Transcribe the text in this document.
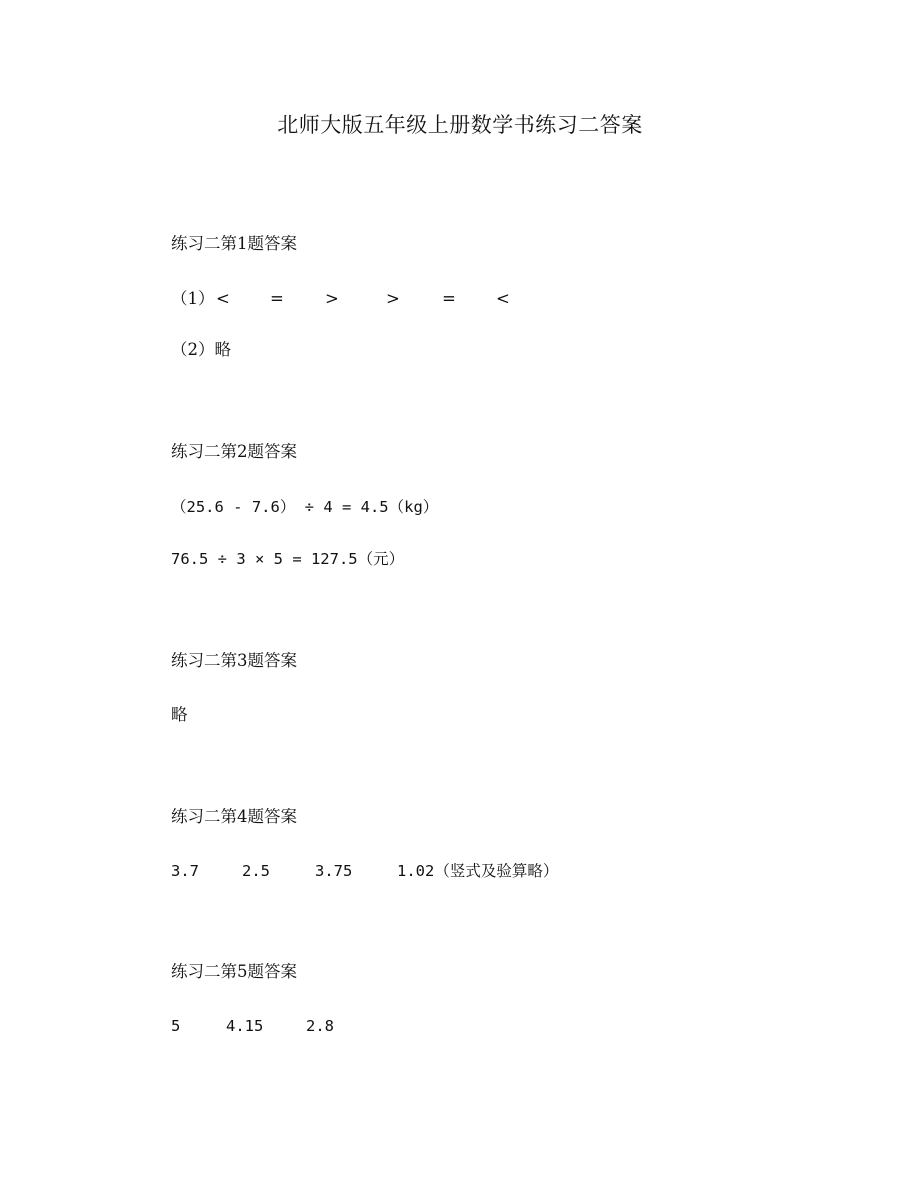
北师大版五年级上册数学书练习二答案
练习二第1题答案
（1） < = >	>	= <
（2）略
练习二第2题答案
（25.6 - 7.6） ÷ 4 = 4.5（kg）
76.5 ÷ 3 × 5 = 127.5（元）
练习二第3题答案
略
练习二第4题答案
3.7	2.5	3.75	1.02（竖式及验算略）
练习二第5题答案
5	4.15	2.8
